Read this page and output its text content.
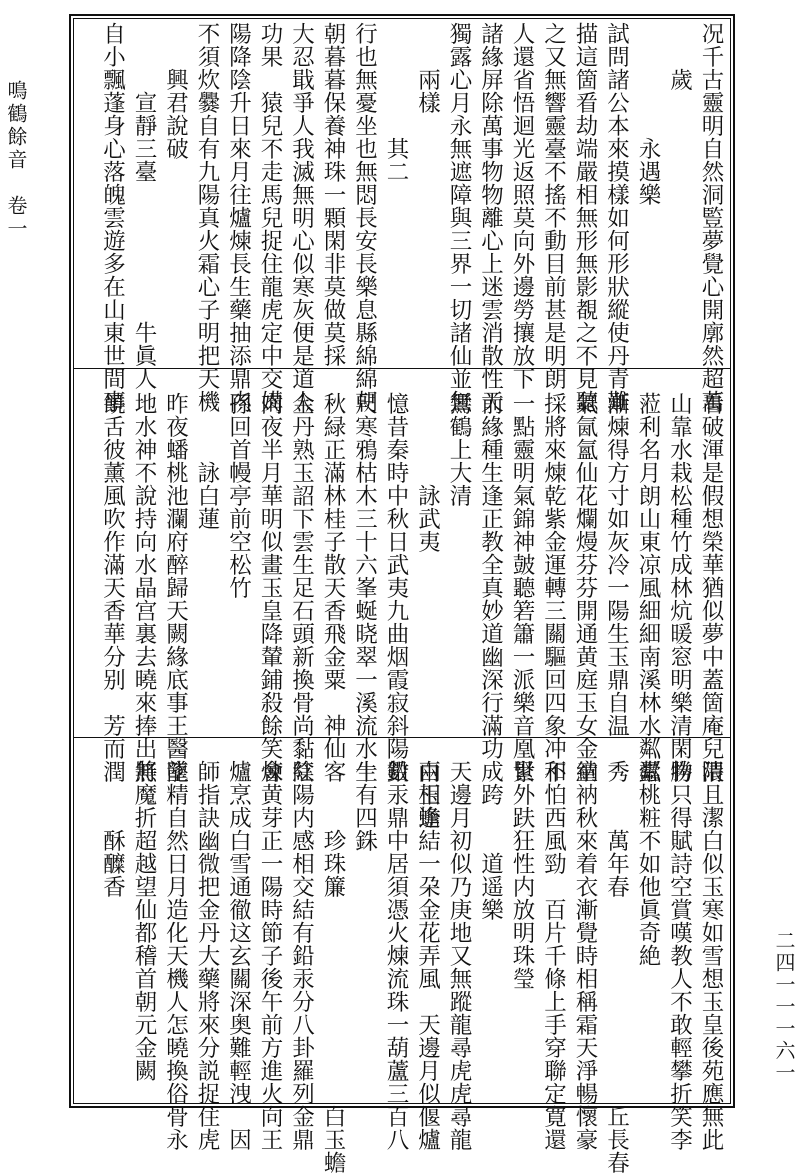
鳴鶴餘音　卷一
二四一一一六一
况千古靈明自然洞䜿夢覺心開廓然超萬
　　歲
　　　　　永遇樂
試問諸公本來摸樣如何形狀縱使丹青難
描這箇㸔劫端嚴相無形無影覩之不見聽
之又無響靈臺不搖不動目前甚是明朗
人還省悟迴光返照莫向外邊勞攘放下
諸緣屏除萬事物物離心上迷雲消散性天
獨露心月永無遮障與三界一切諸仙並無
　　兩樣
　　　　　其二
行也無憂坐也無悶長安長樂息縣綿綿朝
朝暮暮保養神珠一顆閑非莫做莫採
大忍戢爭人我滅無明心似寒灰便是道人
功果　猿兒不走馬兒捉住龍虎定中交媾
陽降陰升日來月往爐煉長生藥抽添鼎内
不須炊爨自有九陽真火霜心子明把天機
　　興君說破
　　　宣靜三臺　　　　　　牛眞人
自小飄蓬身心落魄雲遊多在山東世間事
看破渾是假想榮華猶似夢中蓋箇庵兒隈
山靠水栽松種竹成林炕暖窓明樂清閑勝
蒞利名月朗山東凉風細細南溪林水粼粼
漸煉得方寸如灰冷一陽生玉鼎自温　秀
氣氤氳仙花爛熳芬芬開通黄庭玉女金童
採將來煉乾紫金運轉三關驅回四象冲和
一點靈明氣錦神皷聽箬簫一派樂音凰世
前緣種生逢正教全真妙道幽深行滿功成跨
鸞鶴上大清
　　　　詠武夷　　　　　　　　　白玉蟾
憶昔秦時中秋日武夷九曲烟霞寂斜陽數
尺寒鴉枯木三十六峯蜒晓翠一溪流水生
秋緑正滿林桂子散天香飛金粟　神仙客
金丹熟玉詔下雲生足石頭新換骨尚黏紅
肉夜半月華明似畫玉皇降輦鋪殺餘笑會
孫回首幔亭前空松竹
　　　詠白蓮
昨夜蟠桃池瀾府醉歸天闕緣底事王醫墜
地水神不說持向水晶宫裏去曉來捧出將
饒舌彼薰風吹作滿天香華分别　芳而潤
清且潔白似玉寒如雪想玉皇後苑應無此
物只得賦詩空賞嘆教人不敢輕攀折笑李
蠹桃粧不如他眞奇絶
　　　萬年春　　　　　　　　　丘長春
納衲秋來着衣漸覺時相稱霜天淨暢懷豪
不怕西風勁　百片千條上手穿聯定寛還
緊外趺狂性内放明珠瑩
　　　　道遥樂
天邊月初似乃庚地又無蹤龍尋虎虎尋龍
兩相逢結一朶金花弄風　天邊月似偃爐
鉛汞鼎中居須憑火煉流珠一葫蘆三百八
十有四銖
　　　珍珠簾　　　　　　　　　白玉蟾
陰陽内感相交結有鉛汞分八卦羅列金鼎
煉黄芽正一陽時節子後午前方進火向王
爐烹成白雪通徹这玄關深奥難輕洩　因
師指訣幽微把金丹大藥將來分説捉住虎
龍精自然日月造化天機人怎曉換俗骨永
無魔折超越望仙都稽首朝元金闕
　　　酥醾香
